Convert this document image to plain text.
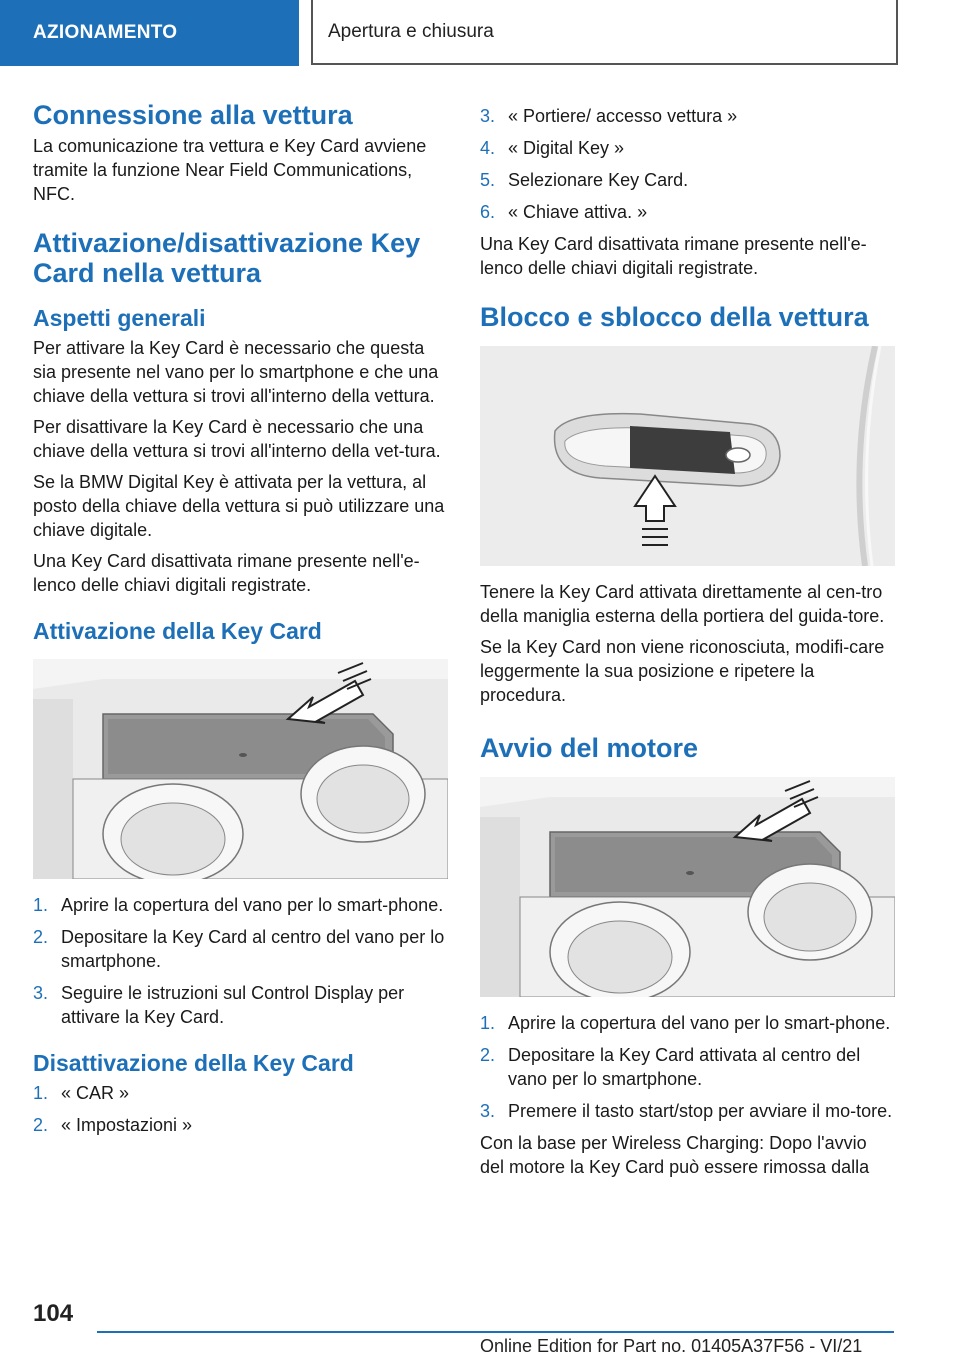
AZIONAMENTO	Apertura e chiusura
Connessione alla vettura

La comunicazione tra vettura e Key Card avviene tramite la funzione Near Field Communications, NFC.

Attivazione/disattivazione Key Card nella vettura
Aspetti generali

Per attivare la Key Card è necessario che questa sia presente nel vano per lo smartphone e che una chiave della vettura si trovi all'interno della vettura.

Per disattivare la Key Card è necessario che una chiave della vettura si trovi all'interno della vet-tura.

Se la BMW Digital Key è attivata per la vettura, al posto della chiave della vettura si può utilizzare una chiave digitale.

Una Key Card disattivata rimane presente nell'e-lenco delle chiavi digitali registrate.

Attivazione della Key Card
1. Aprire la copertura del vano per lo smart-phone.
2. Depositare la Key Card al centro del vano per lo smartphone.
3. Seguire le istruzioni sul Control Display per attivare la Key Card.
Disattivazione della Key Card
1. « CAR »
2. « Impostazioni »
3. « Portiere/ accesso vettura »
4. « Digital Key »
5. Selezionare Key Card.
6. « Chiave attiva. »

Una Key Card disattivata rimane presente nell'e-lenco delle chiavi digitali registrate.

Blocco e sblocco della vettura

Tenere la Key Card attivata direttamente al cen-tro della maniglia esterna della portiera del guida-tore.

Se la Key Card non viene riconosciuta, modifi-care leggermente la sua posizione e ripetere la procedura.

Avvio del motore
1. Aprire la copertura del vano per lo smart-phone.
2. Depositare la Key Card attivata al centro del vano per lo smartphone.
3. Premere il tasto start/stop per avviare il mo-tore.

Con la base per Wireless Charging: Dopo l'avvio del motore la Key Card può essere rimossa dalla

104
Online Edition for Part no. 01405A37F56 - VI/21
